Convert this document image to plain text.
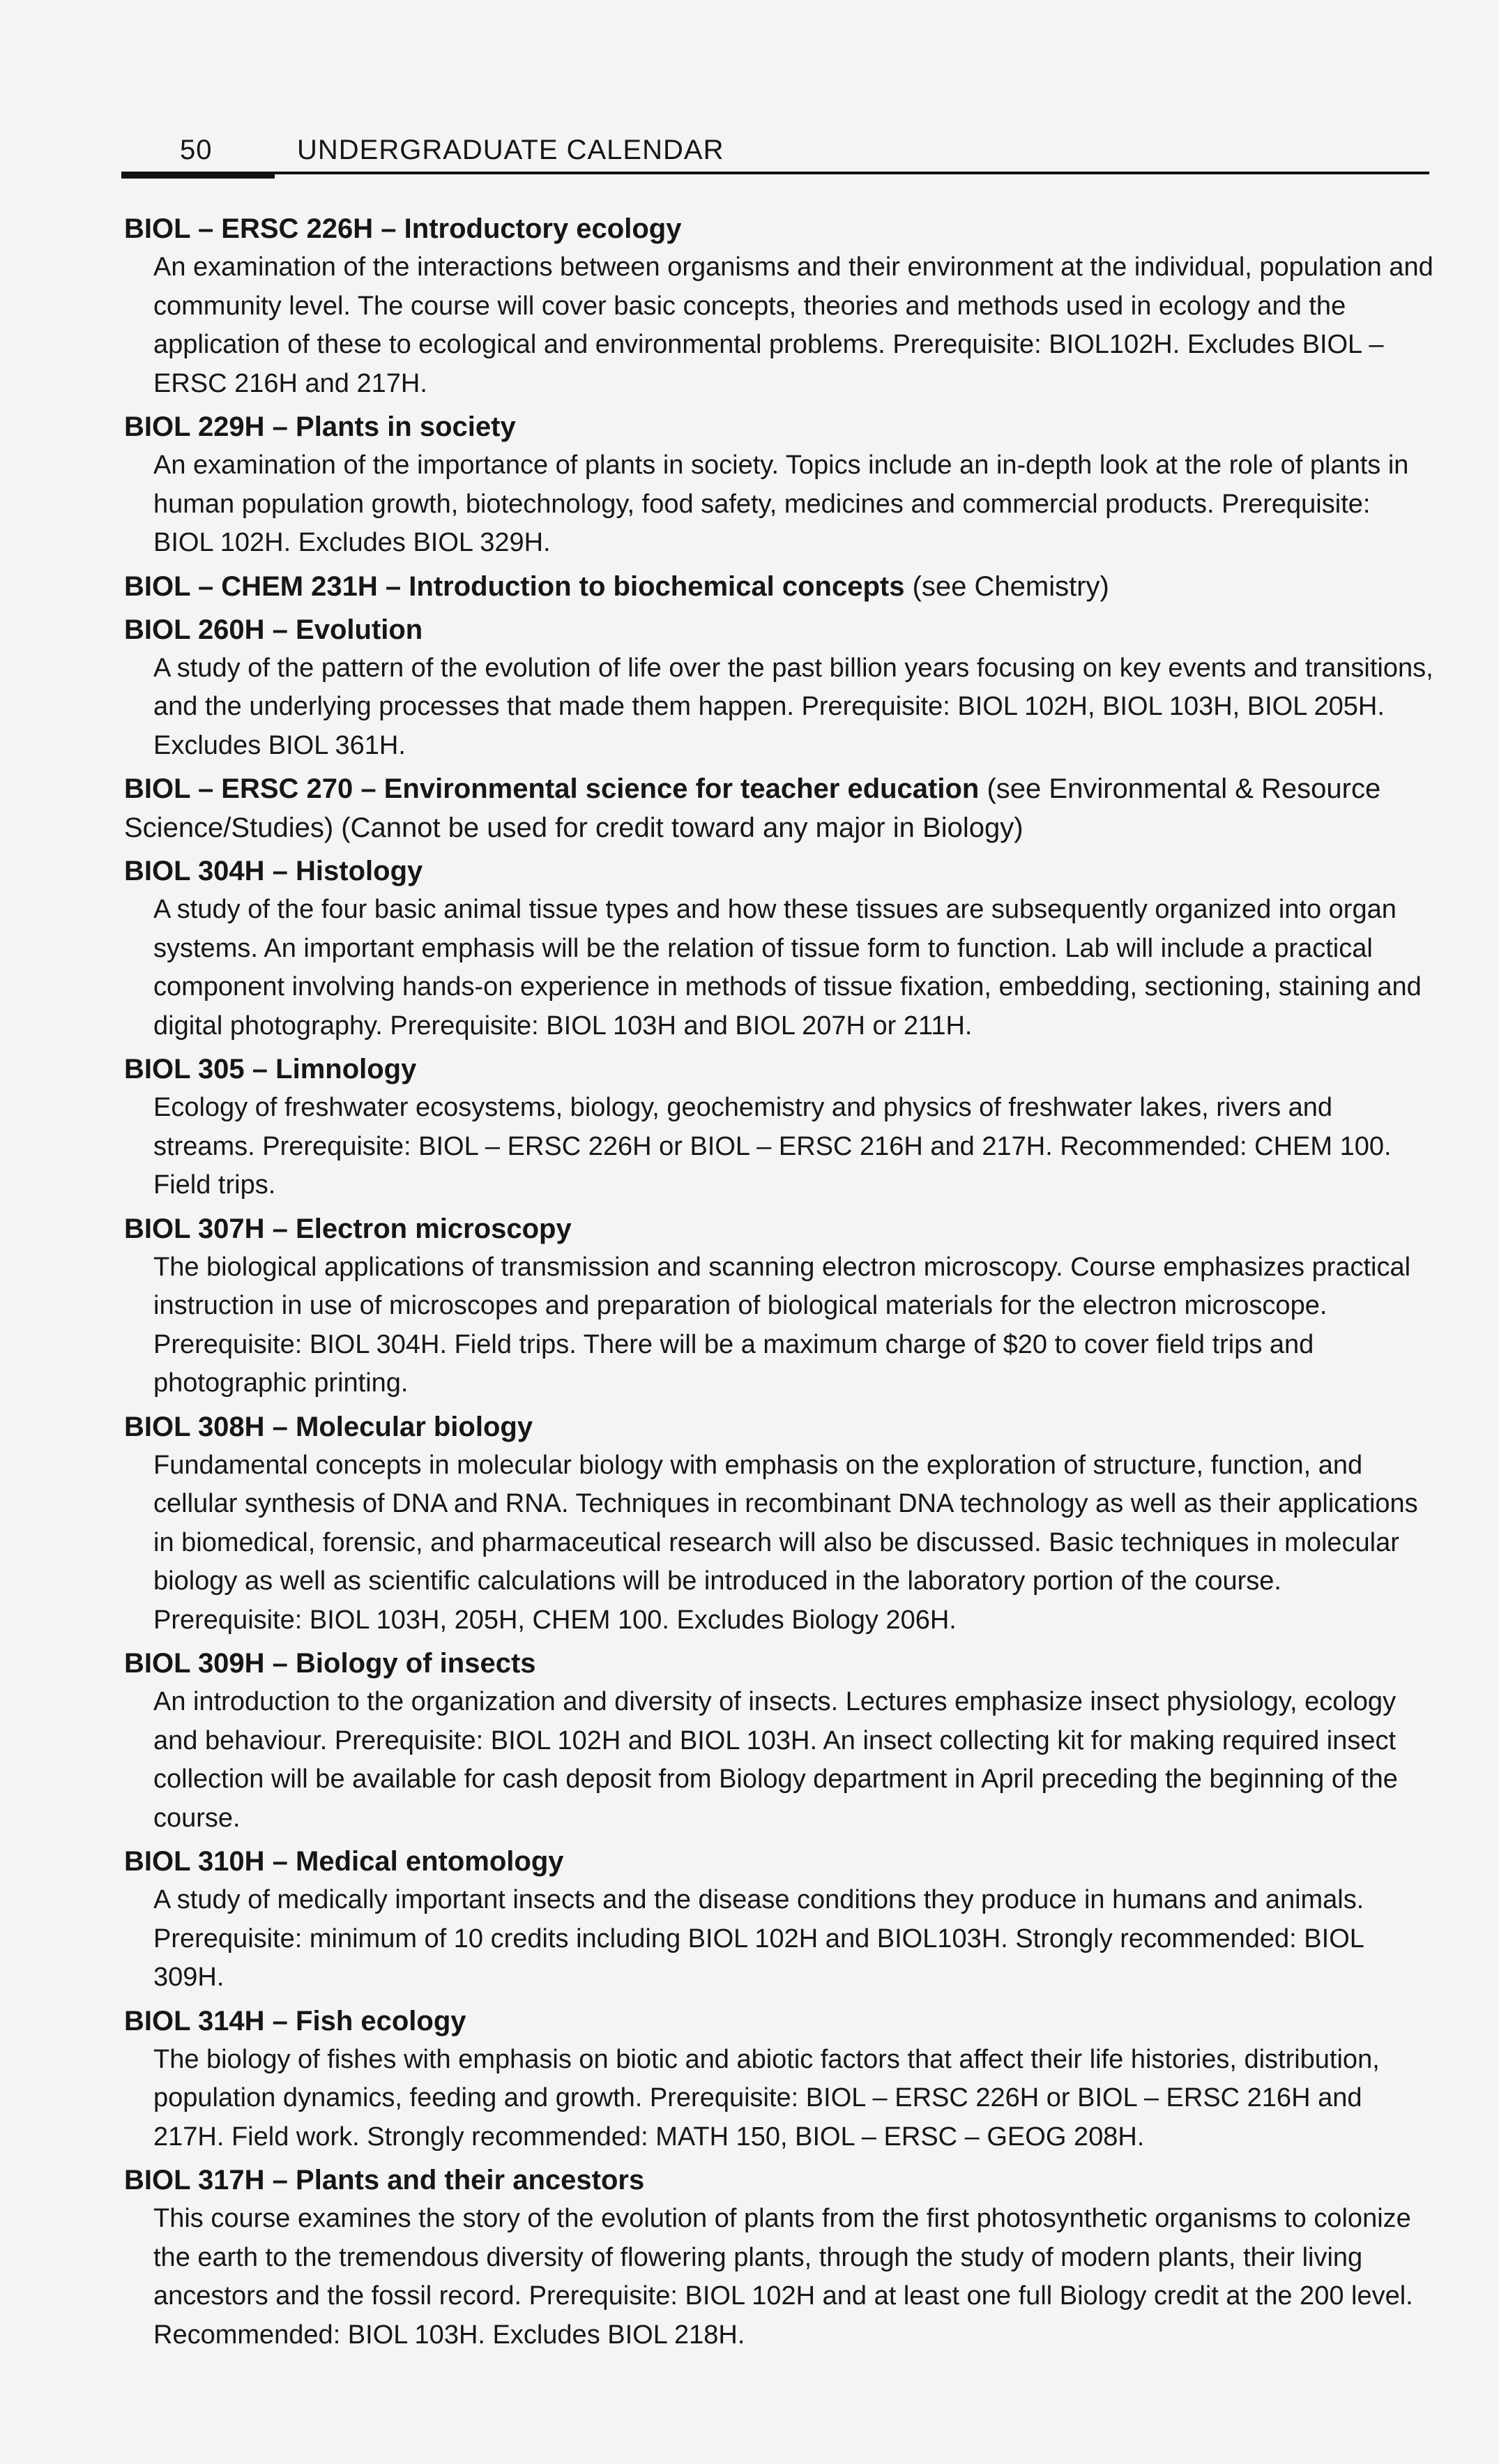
50	UNDERGRADUATE CALENDAR
BIOL – ERSC 226H – Introductory ecology

An examination of the interactions between organisms and their environment at the individual, population and community level. The course will cover basic concepts, theories and methods used in ecology and the application of these to ecological and environmental problems. Prerequisite: BIOL102H. Excludes BIOL – ERSC 216H and 217H.

BIOL 229H – Plants in society

An examination of the importance of plants in society. Topics include an in-depth look at the role of plants in human population growth, biotechnology, food safety, medicines and commercial products. Prerequisite: BIOL 102H. Excludes BIOL 329H.

BIOL – CHEM 231H – Introduction to biochemical concepts (see Chemistry)
BIOL 260H – Evolution

A study of the pattern of the evolution of life over the past billion years focusing on key events and transitions, and the underlying processes that made them happen. Prerequisite: BIOL 102H, BIOL 103H, BIOL 205H. Excludes BIOL 361H.

BIOL – ERSC 270 – Environmental science for teacher education (see Environmental & Resource Science/Studies) (Cannot be used for credit toward any major in Biology)
BIOL 304H – Histology

A study of the four basic animal tissue types and how these tissues are subsequently organized into organ systems. An important emphasis will be the relation of tissue form to function. Lab will include a practical component involving hands-on experience in methods of tissue fixation, embedding, sectioning, staining and digital photography. Prerequisite: BIOL 103H and BIOL 207H or 211H.

BIOL 305 – Limnology

Ecology of freshwater ecosystems, biology, geochemistry and physics of freshwater lakes, rivers and streams. Prerequisite: BIOL – ERSC 226H or BIOL – ERSC 216H and 217H. Recommended: CHEM 100. Field trips.

BIOL 307H – Electron microscopy

The biological applications of transmission and scanning electron microscopy. Course emphasizes practical instruction in use of microscopes and preparation of biological materials for the electron microscope. Prerequisite: BIOL 304H. Field trips. There will be a maximum charge of $20 to cover field trips and photographic printing.

BIOL 308H – Molecular biology

Fundamental concepts in molecular biology with emphasis on the exploration of structure, function, and cellular synthesis of DNA and RNA. Techniques in recombinant DNA technology as well as their applications in biomedical, forensic, and pharmaceutical research will also be discussed. Basic techniques in molecular biology as well as scientific calculations will be introduced in the laboratory portion of the course. Prerequisite: BIOL 103H, 205H, CHEM 100. Excludes Biology 206H.

BIOL 309H – Biology of insects

An introduction to the organization and diversity of insects. Lectures emphasize insect physiology, ecology and behaviour. Prerequisite: BIOL 102H and BIOL 103H. An insect collecting kit for making required insect collection will be available for cash deposit from Biology department in April preceding the beginning of the course.

BIOL 310H – Medical entomology

A study of medically important insects and the disease conditions they produce in humans and animals. Prerequisite: minimum of 10 credits including BIOL 102H and BIOL103H. Strongly recommended: BIOL 309H.

BIOL 314H – Fish ecology

The biology of fishes with emphasis on biotic and abiotic factors that affect their life histories, distribution, population dynamics, feeding and growth. Prerequisite: BIOL – ERSC 226H or BIOL – ERSC 216H and 217H. Field work. Strongly recommended: MATH 150, BIOL – ERSC – GEOG 208H.

BIOL 317H – Plants and their ancestors

This course examines the story of the evolution of plants from the first photosynthetic organisms to colonize the earth to the tremendous diversity of flowering plants, through the study of modern plants, their living ancestors and the fossil record. Prerequisite: BIOL 102H and at least one full Biology credit at the 200 level. Recommended: BIOL 103H. Excludes BIOL 218H.
